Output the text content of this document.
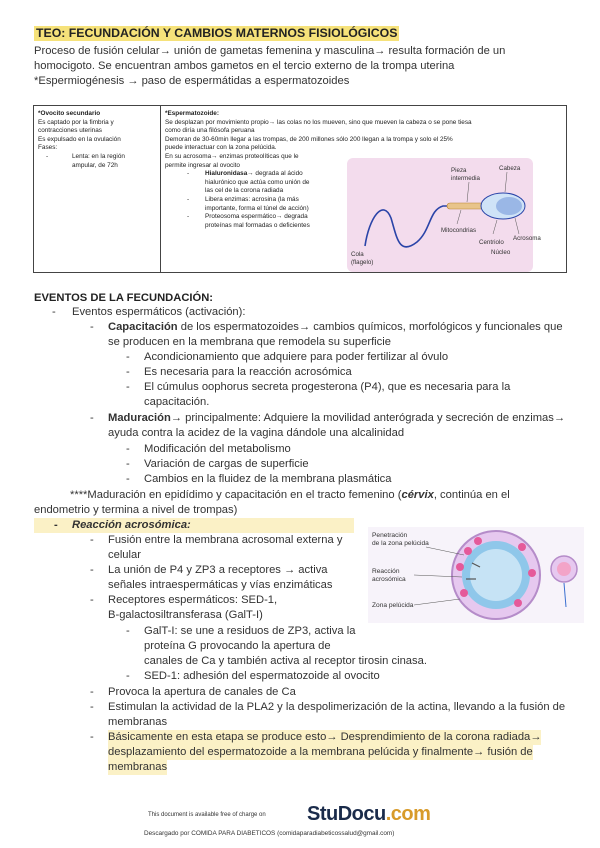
TEO: FECUNDACIÓN Y CAMBIOS MATERNOS FISIOLÓGICOS
Proceso de fusión celular→ unión de gametas femenina y masculina→ resulta formación de un
homocigoto. Se encuentran ambos gametos en el tercio externo de la trompa uterina
*Espermiogénesis → paso de espermátidas a espermatozoides
*Ovocito secundario
Es captado por la fimbria y
contracciones uterinas
Es expulsado en la ovulación
Fases:
-	Lenta: en la región
ampular, de 72h

*Espermatozoide:
Se desplazan por movimiento propio→ las colas no los mueven, sino que mueven la cabeza o se pone tiesa
como diría una filósofa peruana
Demoran de 30-60min llegar a las trompas, de 200 millones sólo 200 llegan a la trompa y solo el 25%
puede interactuar con la zona pelúcida.
En su acrosoma→ enzimas proteolíticas que le
permite ingresar al ovocito
- Hialuronidasa→ degrada al ácido
hialurónico que actúa como unión de
las cel de la corona radiada
- Libera enzimas: acrosina (la más
importante, forma el túnel de acción)
- Proteosoma espermático→ degrada
proteínas mal formadas o deficientes
Cabeza
Pieza
intermedia
Mitocondrias
Acrosoma
Centriolo
Núcleo
Cola
(flagelo)
EVENTOS DE LA FECUNDACIÓN:
- Eventos espermáticos (activación):
- Capacitación de los espermatozoides→ cambios químicos, morfológicos y funcionales que
se producen en la membrana que remodela su superficie
- Acondicionamiento que adquiere para poder fertilizar al óvulo
- Es necesaria para la reacción acrosómica
- El cúmulus oophorus secreta progesterona (P4), que es necesaria para la
capacitación.
- Maduración→ principalmente: Adquiere la movilidad anterógrada y secreción de enzimas→
ayuda contra la acidez de la vagina dándole una alcalinidad
- Modificación del metabolismo
- Variación de cargas de superficie
- Cambios en la fluidez de la membrana plasmática
****Maduración en epidídimo y capacitación en el tracto femenino (cérvix, continúa en el
endometrio y termina a nivel de trompas)
- Reacción acrosómica:
- Fusión entre la membrana acrosomal externa y
celular
- La unión de P4 y ZP3 a receptores → activa
señales intraespermáticas y vías enzimáticas
- Receptores espermáticos: SED-1,
B-galactosiltransferasa (GalT-I)
- GalT-I: se une a residuos de ZP3, activa la
proteína G provocando la apertura de
canales de Ca y también activa al receptor tirosin cinasa.
- SED-1: adhesión del espermatozoide al ovocito
- Provoca la apertura de canales de Ca
- Estimulan la actividad de la PLA2 y la despolimerización de la actina, llevando a la fusión de
membranas
- Básicamente en esta etapa se produce esto→ Desprendimiento de la corona radiada→
desplazamiento del espermatozoide a la membrana pelúcida y finalmente→ fusión de
membranas
Penetración
de la zona pelúcida
Reacción
acrosómica
Zona pelúcida
This document is available free of charge on StuDocu.com
Descargado por COMIDA PARA DIABETICOS (comidaparadiabeticossalud@gmail.com)
